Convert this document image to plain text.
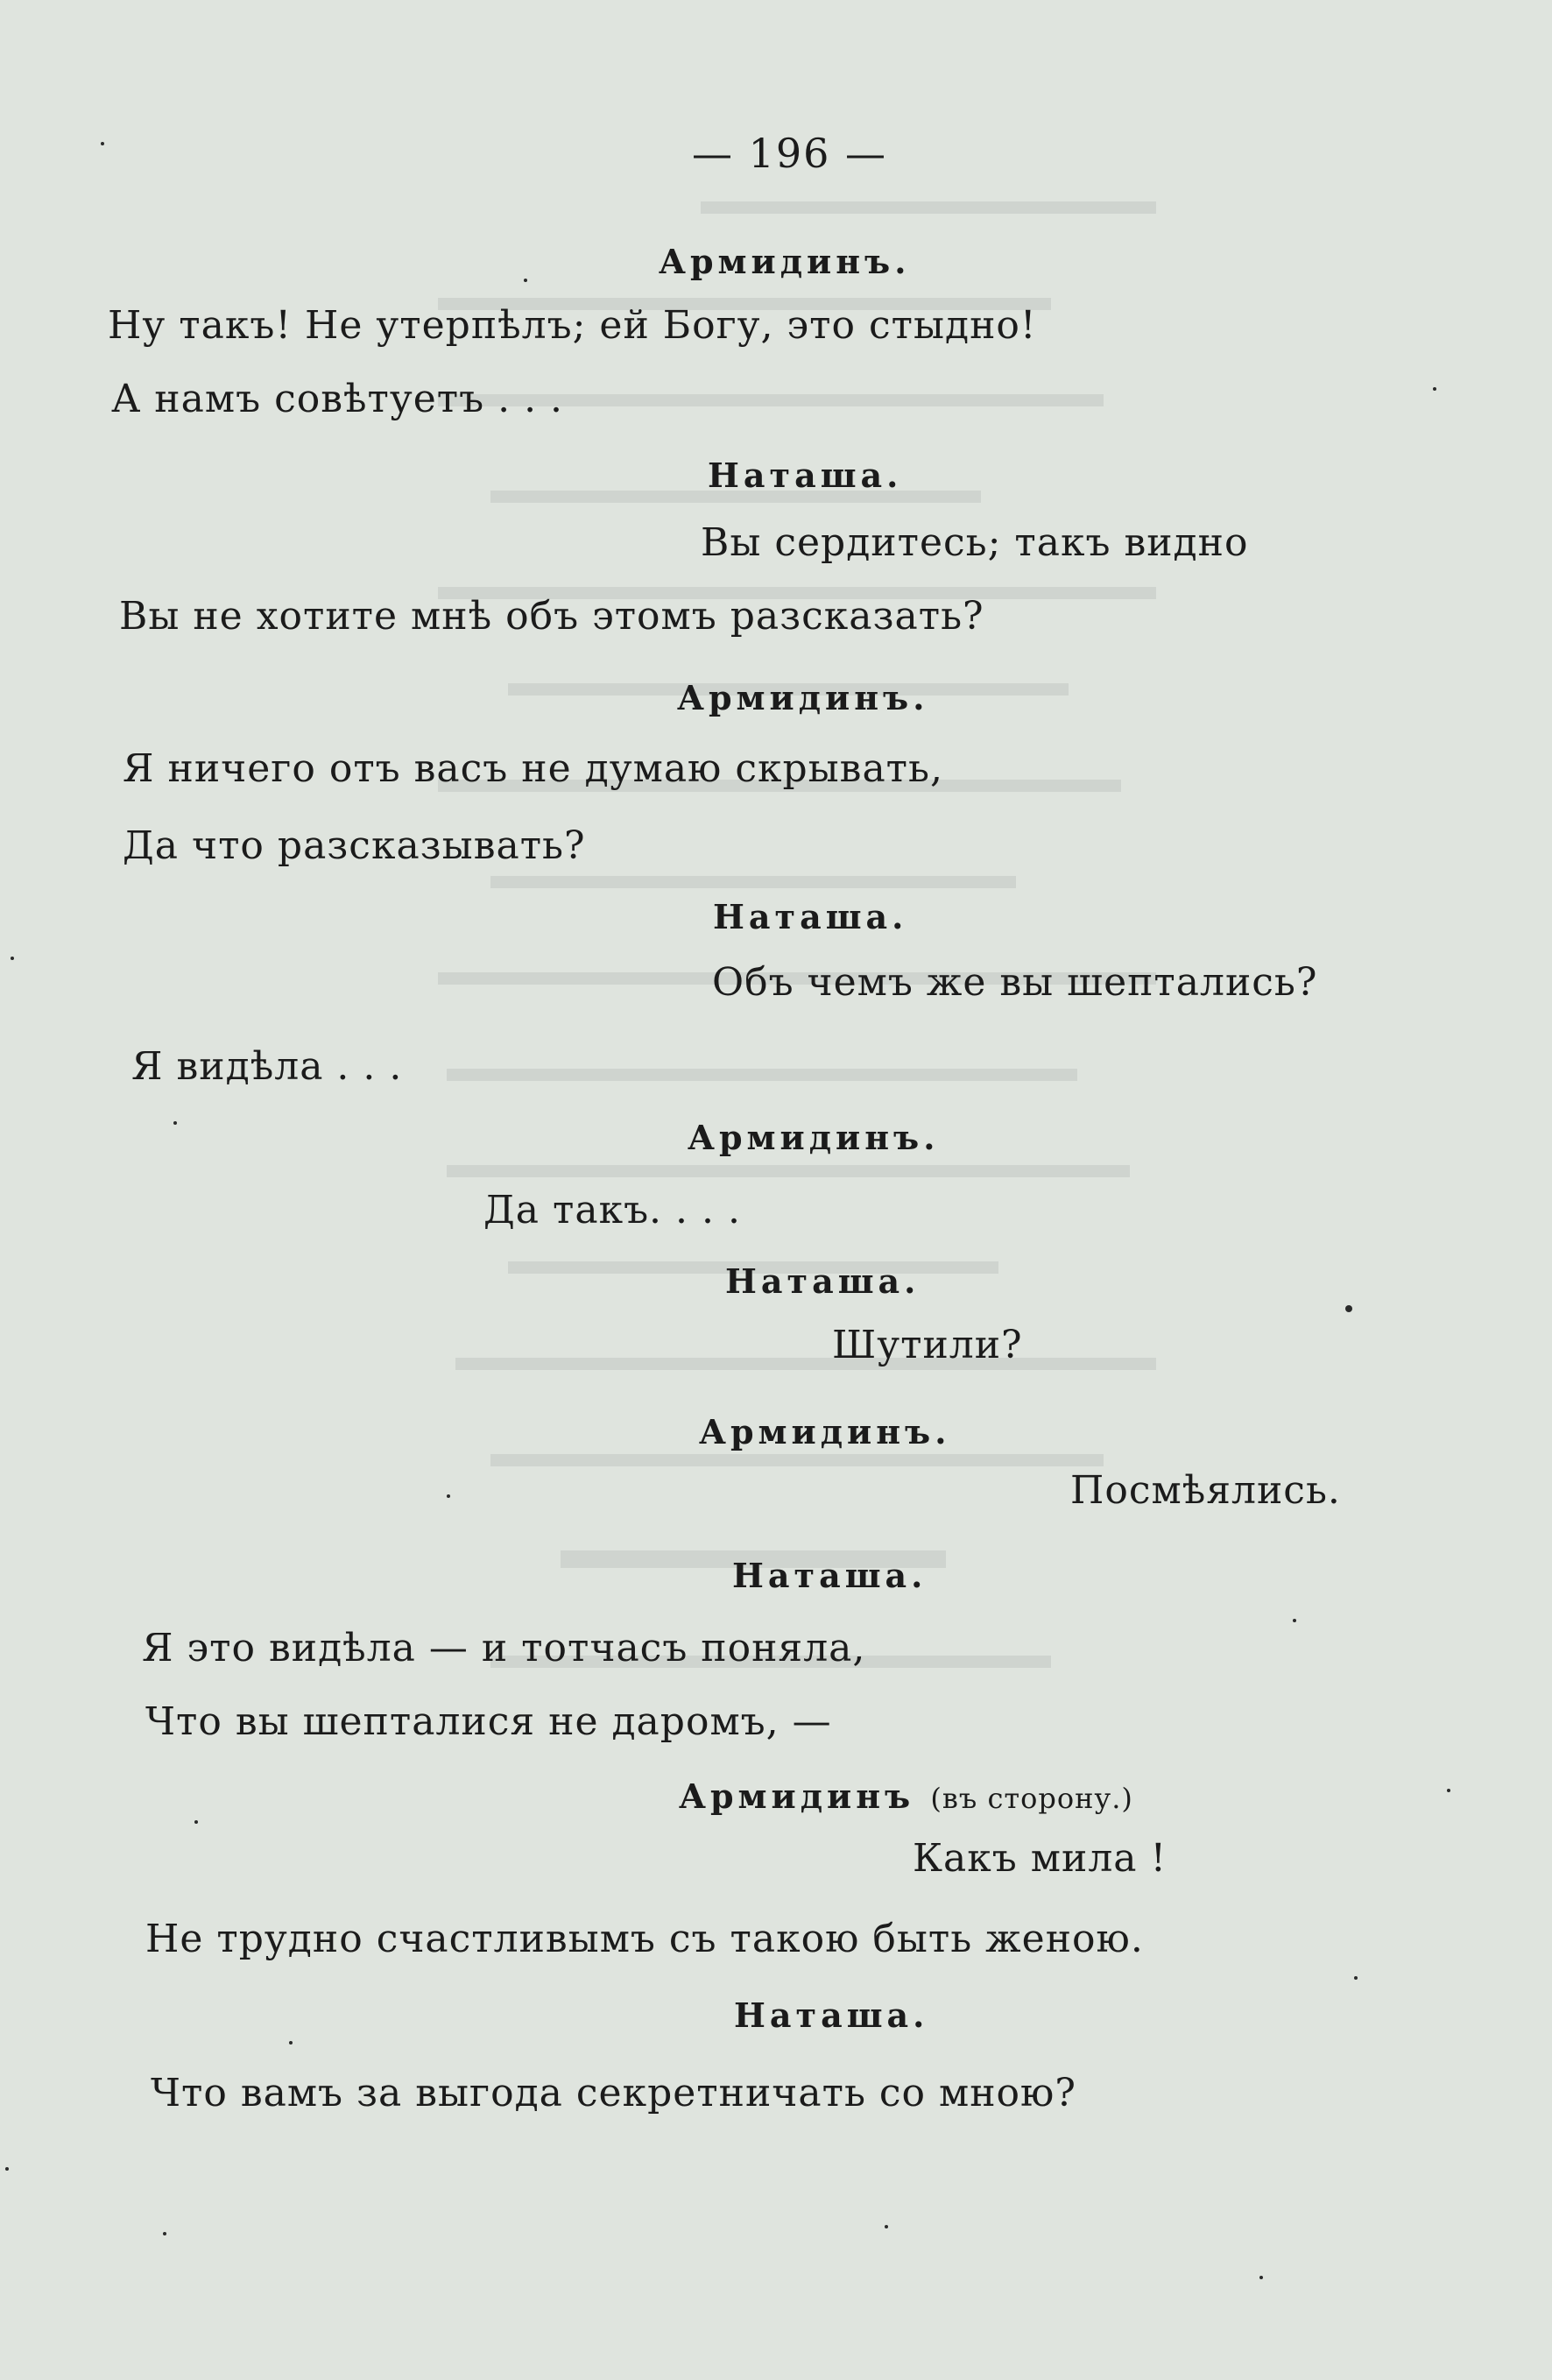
— 196 —
Армидинъ.
Ну такъ! Не утерпѣлъ; ей Богу, это стыдно!
А намъ совѣтуетъ . . .
Наташа.
Вы сердитесь; такъ видно
Вы не хотите мнѣ объ этомъ разсказать?
Армидинъ.
Я ничего отъ васъ не думаю скрывать,
Да что разсказывать?
Наташа.
Объ чемъ же вы шептались?
Я видѣла . . .
Армидинъ.
Да такъ. . . .
Наташа.
Шутили?
Армидинъ.
Посмѣялись.
Наташа.
Я это видѣла — и тотчасъ поняла,
Что вы шепталися не даромъ, —
Армидинъ (въ сторону.)
Какъ мила !
Не трудно счастливымъ съ такою быть женою.
Наташа.
Что вамъ за выгода секретничать со мною?
